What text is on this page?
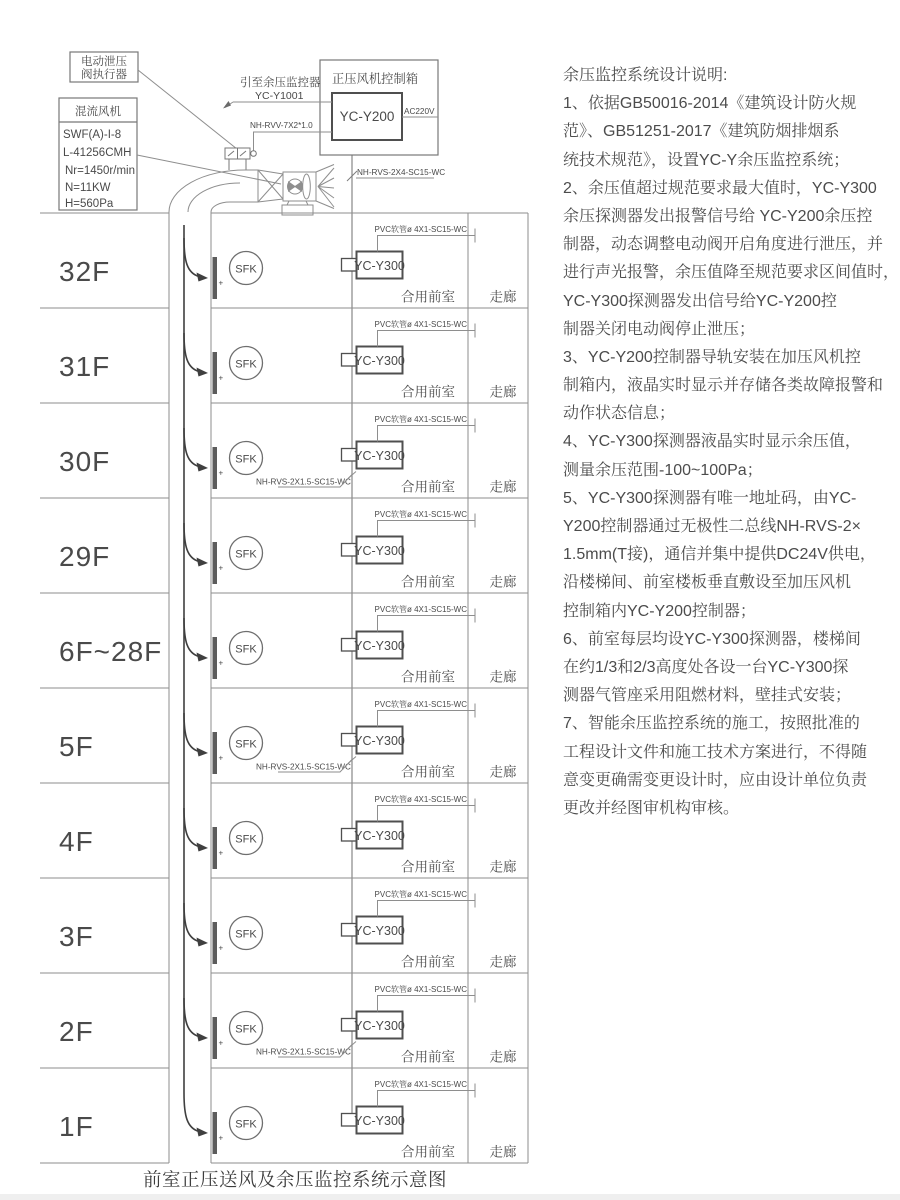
NH-RVS-2X4-SC15-WC
电动泄压
阀执行器
混流风机
SWF(A)-I-8
L-41256CMH
Nr=1450r/min
N=11KW
H=560Pa
正压风机控制箱
YC-Y200 AC220V
引至余压监控器
YC-Y1001
NH-RVV-7X2*1.0
32F	+
SFK	YC-Y300
PVC软管ø 4X1-SC15-WC
合用前室	走廊
31F	+
SFK	YC-Y300
PVC软管ø 4X1-SC15-WC
合用前室	走廊
30F	+
SFK	YC-Y300
PVC软管ø 4X1-SC15-WC
合用前室	走廊
NH-RVS-2X1.5-SC15-WC
29F	+
SFK	YC-Y300
PVC软管ø 4X1-SC15-WC
合用前室	走廊
6F~28F	+
SFK	YC-Y300
PVC软管ø 4X1-SC15-WC
合用前室	走廊
5F	+
SFK	YC-Y300
PVC软管ø 4X1-SC15-WC
合用前室	走廊
NH-RVS-2X1.5-SC15-WC
4F	+
SFK	YC-Y300
PVC软管ø 4X1-SC15-WC
合用前室	走廊
3F	+
SFK	YC-Y300
PVC软管ø 4X1-SC15-WC
合用前室	走廊
2F	+
SFK	YC-Y300
PVC软管ø 4X1-SC15-WC
合用前室	走廊
NH-RVS-2X1.5-SC15-WC
1F	+
SFK	YC-Y300
PVC软管ø 4X1-SC15-WC
合用前室	走廊
余压监控系统设计说明:
1、依据GB50016-2014《建筑设计防火规
范》、GB51251-2017《建筑防烟排烟系
统技术规范》，设置YC-Y余压监控系统；
2、余压值超过规范要求最大值时，YC-Y300
余压探测器发出报警信号给 YC-Y200余压控
制器，动态调整电动阀开启角度进行泄压，并
进行声光报警，余压值降至规范要求区间值时，
YC-Y300探测器发出信号给YC-Y200控
制器关闭电动阀停止泄压；
3、YC-Y200控制器导轨安装在加压风机控
制箱内，液晶实时显示并存储各类故障报警和
动作状态信息；
4、YC-Y300探测器液晶实时显示余压值，
测量余压范围-100~100Pa；
5、YC-Y300探测器有唯一地址码，由YC-
Y200控制器通过无极性二总线NH-RVS-2×
1.5mm(T接)，通信并集中提供DC24V供电，
沿楼梯间、前室楼板垂直敷设至加压风机
控制箱内YC-Y200控制器；
6、前室每层均设YC-Y300探测器，楼梯间
在约1/3和2/3高度处各设一台YC-Y300探
测器气管座采用阻燃材料，壁挂式安装；
7、智能余压监控系统的施工，按照批准的
工程设计文件和施工技术方案进行，不得随
意变更确需变更设计时，应由设计单位负责
更改并经图审机构审核。
前室正压送风及余压监控系统示意图
